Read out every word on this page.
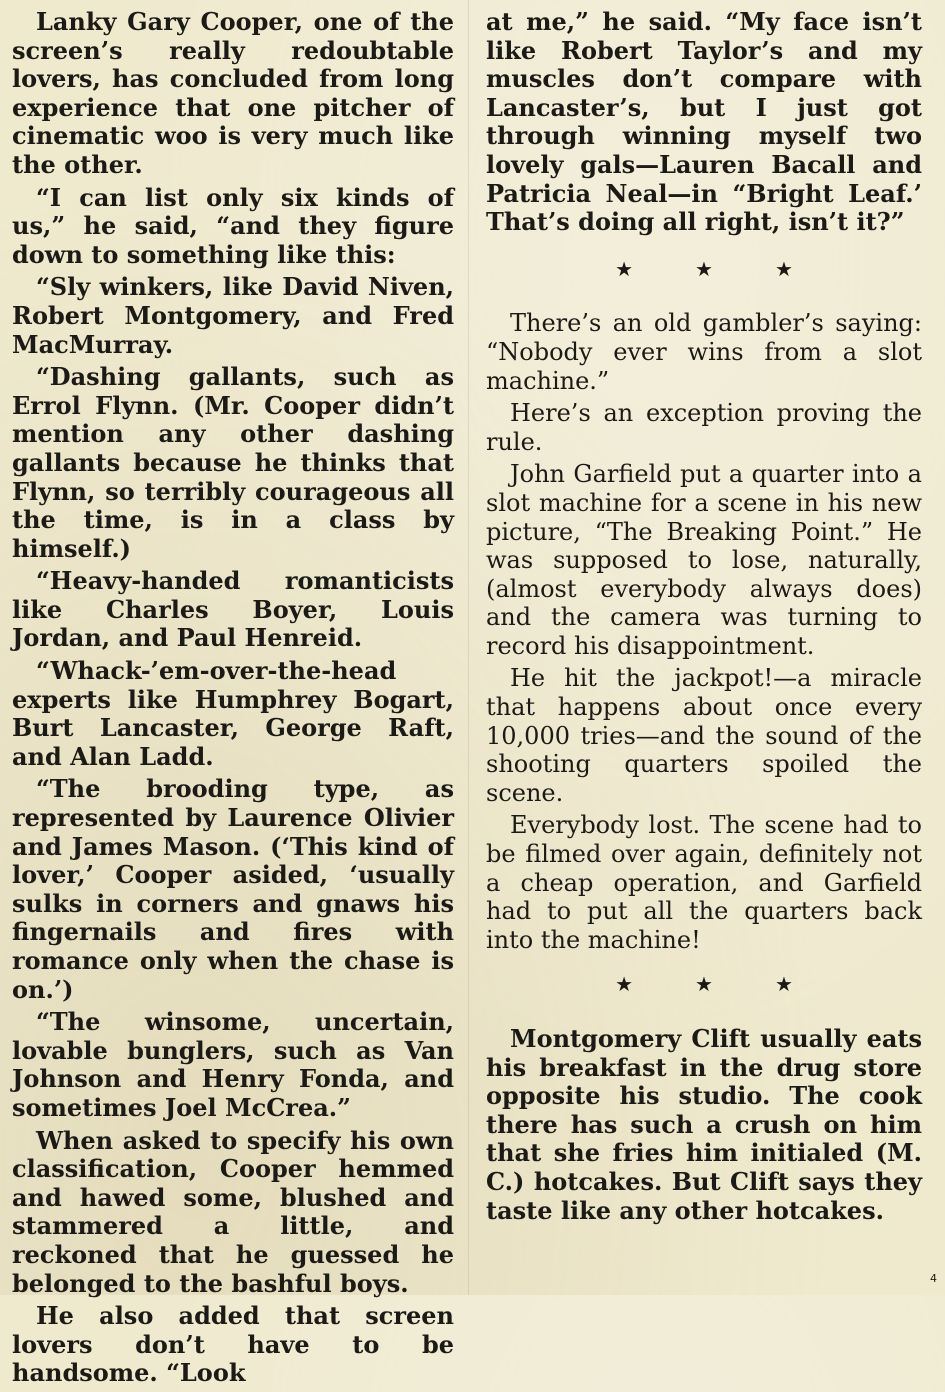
Lanky Gary Cooper, one of the screen’s really redoubtable lovers, has concluded from long experience that one pitcher of cinematic woo is very much like the other.

“I can list only six kinds of us,” he said, “and they figure down to something like this:

“Sly winkers, like David Niven, Robert Montgomery, and Fred MacMurray.

“Dashing gallants, such as Errol Flynn. (Mr. Cooper didn’t mention any other dashing gallants because he thinks that Flynn, so terribly courageous all the time, is in a class by himself.)

“Heavy-handed romanticists like Charles Boyer, Louis Jordan, and Paul Henreid.

“Whack-’em-over-the-head experts like Humphrey Bogart, Burt Lancaster, George Raft, and Alan Ladd.

“The brooding type, as represented by Laurence Olivier and James Mason. (‘This kind of lover,’ Cooper asided, ‘usually sulks in corners and gnaws his fingernails and fires with romance only when the chase is on.’)

“The winsome, uncertain, lovable bunglers, such as Van Johnson and Henry Fonda, and sometimes Joel McCrea.”

When asked to specify his own classification, Cooper hemmed and hawed some, blushed and stammered a little, and reckoned that he guessed he belonged to the bashful boys.

He also added that screen lovers don’t have to be handsome. “Look

at me,” he said. “My face isn’t like Robert Taylor’s and my muscles don’t compare with Lancaster’s, but I just got through winning myself two lovely gals—Lauren Bacall and Patricia Neal—in “Bright Leaf.’ That’s doing all right, isn’t it?”

★	★	★

There’s an old gambler’s saying: “Nobody ever wins from a slot machine.”

Here’s an exception proving the rule.

John Garfield put a quarter into a slot machine for a scene in his new picture, “The Breaking Point.” He was supposed to lose, naturally, (almost everybody always does) and the camera was turning to record his disappointment.

He hit the jackpot!—a miracle that happens about once every 10,000 tries—and the sound of the shooting quarters spoiled the scene.

Everybody lost. The scene had to be filmed over again, definitely not a cheap operation, and Garfield had to put all the quarters back into the machine!

★	★	★

Montgomery Clift usually eats his breakfast in the drug store opposite his studio. The cook there has such a crush on him that she fries him initialed (M. C.) hotcakes. But Clift says they taste like any other hotcakes.

4
